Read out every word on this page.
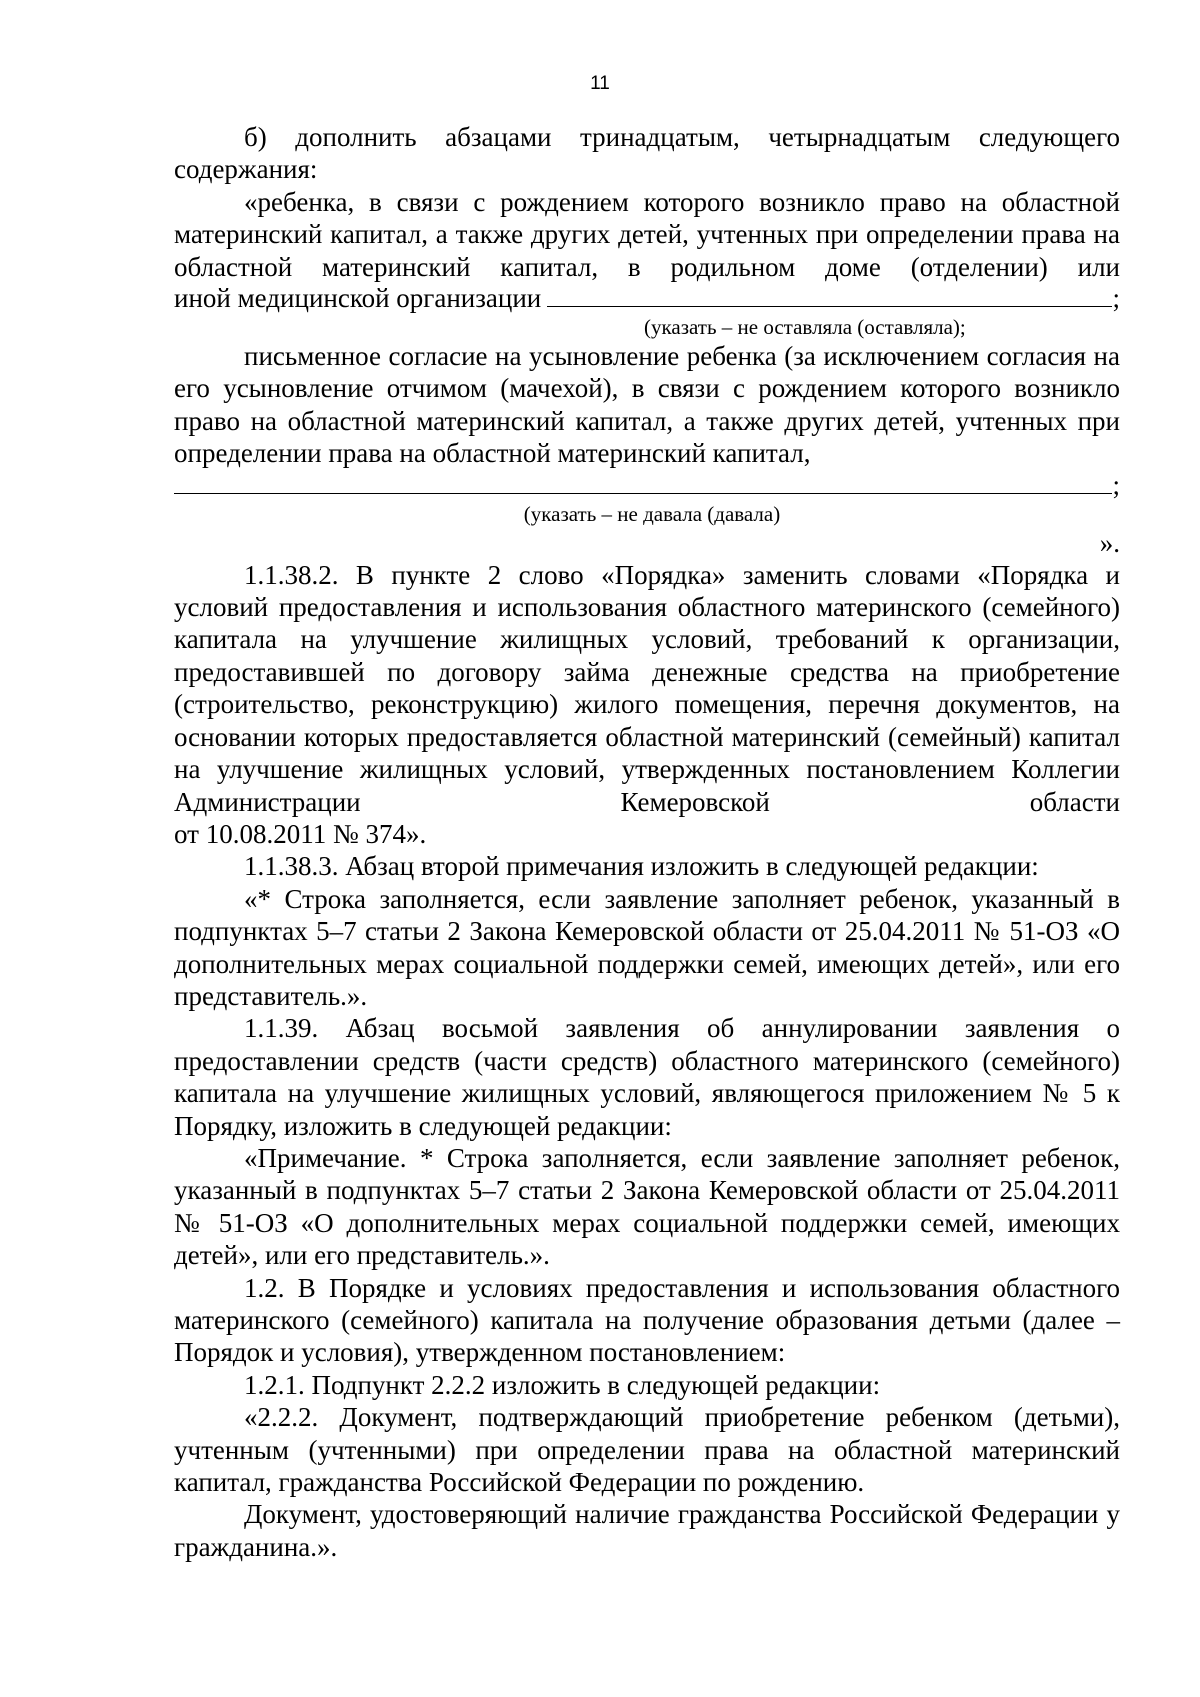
11

б) дополнить абзацами тринадцатым, четырнадцатым следующего содержания:

«ребенка, в связи с рождением которого возникло право на областной материнский капитал, а также других детей, учтенных при определении права на областной материнский капитал, в родильном доме (отделении) или

иной медицинской организации	;
(указать – не оставляла (оставляла);

письменное согласие на усыновление ребенка (за исключением согласия на его усыновление отчимом (мачехой), в связи с рождением которого возникло право на областной материнский капитал, а также других детей, учтенных при определении права на областной материнский капитал,

;
(указать – не давала (давала)
».

1.1.38.2. В пункте 2 слово «Порядка» заменить словами «Порядка и условий предоставления и использования областного материнского (семейного) капитала на улучшение жилищных условий, требований к организации, предоставившей по договору займа денежные средства на приобретение (строительство, реконструкцию) жилого помещения, перечня документов, на основании которых предоставляется областной материнский (семейный) капитал на улучшение жилищных условий, утвержденных постановлением Коллегии Администрации Кемеровской области

от 10.08.2011 № 374».

1.1.38.3. Абзац второй примечания изложить в следующей редакции:

«* Строка заполняется, если заявление заполняет ребенок, указанный в подпунктах 5–7 статьи 2 Закона Кемеровской области от 25.04.2011 № 51-ОЗ «О дополнительных мерах социальной поддержки семей, имеющих детей», или его представитель.».

1.1.39. Абзац восьмой заявления об аннулировании заявления о предоставлении средств (части средств) областного материнского (семейного) капитала на улучшение жилищных условий, являющегося приложением № 5 к Порядку, изложить в следующей редакции:

«Примечание. * Строка заполняется, если заявление заполняет ребенок, указанный в подпунктах 5–7 статьи 2 Закона Кемеровской области от 25.04.2011 № 51-ОЗ «О дополнительных мерах социальной поддержки семей, имеющих детей», или его представитель.».

1.2. В Порядке и условиях предоставления и использования областного материнского (семейного) капитала на получение образования детьми (далее – Порядок и условия), утвержденном постановлением:

1.2.1. Подпункт 2.2.2 изложить в следующей редакции:

«2.2.2. Документ, подтверждающий приобретение ребенком (детьми), учтенным (учтенными) при определении права на областной материнский капитал, гражданства Российской Федерации по рождению.

Документ, удостоверяющий наличие гражданства Российской Федерации у гражданина.».
